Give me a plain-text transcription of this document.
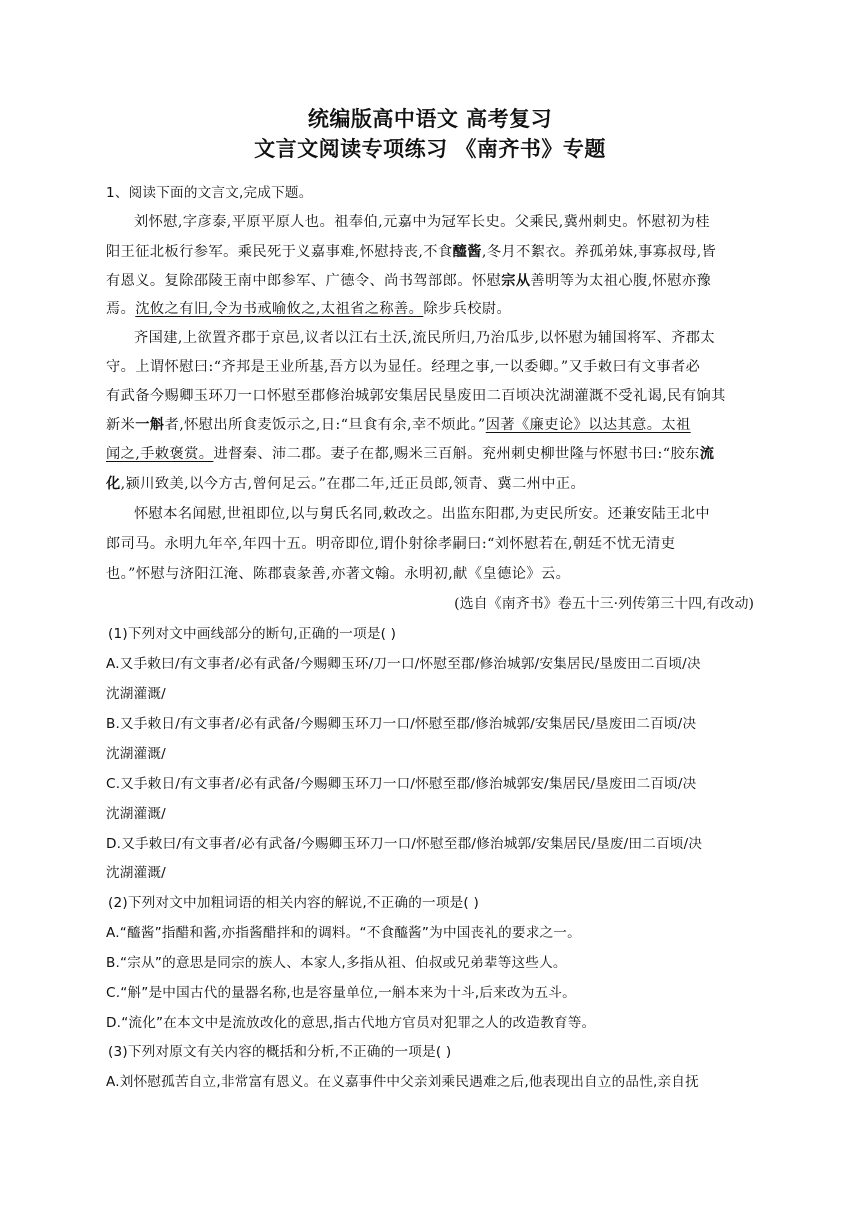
统编版高中语文 高考复习
文言文阅读专项练习 《南齐书》专题
1、阅读下面的文言文,完成下题。
刘怀慰,字彦泰,平原平原人也。祖奉伯,元嘉中为冠军长史。父乘民,冀州刺史。怀慰初为桂
阳王征北板行参军。乘民死于义嘉事难,怀慰持丧,不食醯酱,冬月不絮衣。养孤弟妹,事寡叔母,皆
有恩义。复除邵陵王南中郎参军、广德令、尚书驾部郎。怀慰宗从善明等为太祖心腹,怀慰亦豫
焉。沈攸之有旧,令为书戒喻攸之,太祖省之称善。除步兵校尉。
齐国建,上欲置齐郡于京邑,议者以江右土沃,流民所归,乃治瓜步,以怀慰为辅国将军、齐郡太
守。上谓怀慰曰:“齐邦是王业所基,吾方以为显任。经理之事,一以委卿。”又手敕曰有文事者必
有武备今赐卿玉环刀一口怀慰至郡修治城郭安集居民垦废田二百顷决沈湖灌溉不受礼谒,民有饷其
新米一斛者,怀慰出所食麦饭示之,日:“旦食有余,幸不烦此。”因著《廉吏论》以达其意。太祖
闻之,手敕褒赏。进督秦、沛二郡。妻子在都,赐米三百斛。兖州刺史柳世隆与怀慰书曰:“胶东流
化,颍川致美,以今方古,曾何足云。”在郡二年,迁正员郎,领青、冀二州中正。
怀慰本名闻慰,世祖即位,以与舅氏名同,敕改之。出监东阳郡,为吏民所安。还兼安陆王北中
郎司马。永明九年卒,年四十五。明帝即位,谓仆射徐孝嗣曰:“刘怀慰若在,朝廷不忧无清吏
也。”怀慰与济阳江淹、陈郡袁彖善,亦著文翰。永明初,献《皇德论》云。
(选自《南齐书》卷五十三·列传第三十四,有改动)
(1)下列对文中画线部分的断句,正确的一项是( )
A.又手敕曰/有文事者/必有武备/今赐卿玉环/刀一口/怀慰至郡/修治城郭/安集居民/垦废田二百顷/决
沈湖灌溉/
B.又手敕日/有文事者/必有武备/今赐卿玉环刀一口/怀慰至郡/修治城郭/安集居民/垦废田二百顷/决
沈湖灌溉/
C.又手敕日/有文事者/必有武备/今赐卿玉环刀一口/怀慰至郡/修治城郭安/集居民/垦废田二百顷/决
沈湖灌溉/
D.又手敕曰/有文事者/必有武备/今赐卿玉环刀一口/怀慰至郡/修治城郭/安集居民/垦废/田二百顷/决
沈湖灌溉/
(2)下列对文中加粗词语的相关内容的解说,不正确的一项是( )
A.“醯酱”指醋和酱,亦指酱醋拌和的调料。“不食醯酱”为中国丧礼的要求之一。
B.“宗从”的意思是同宗的族人、本家人,多指从祖、伯叔或兄弟辈等这些人。
C.“斛”是中国古代的量器名称,也是容量单位,一斛本来为十斗,后来改为五斗。
D.“流化”在本文中是流放改化的意思,指古代地方官员对犯罪之人的改造教育等。
(3)下列对原文有关内容的概括和分析,不正确的一项是( )
A.刘怀慰孤苦自立,非常富有恩义。在义嘉事件中父亲刘乘民遇难之后,他表现出自立的品性,亲自抚
